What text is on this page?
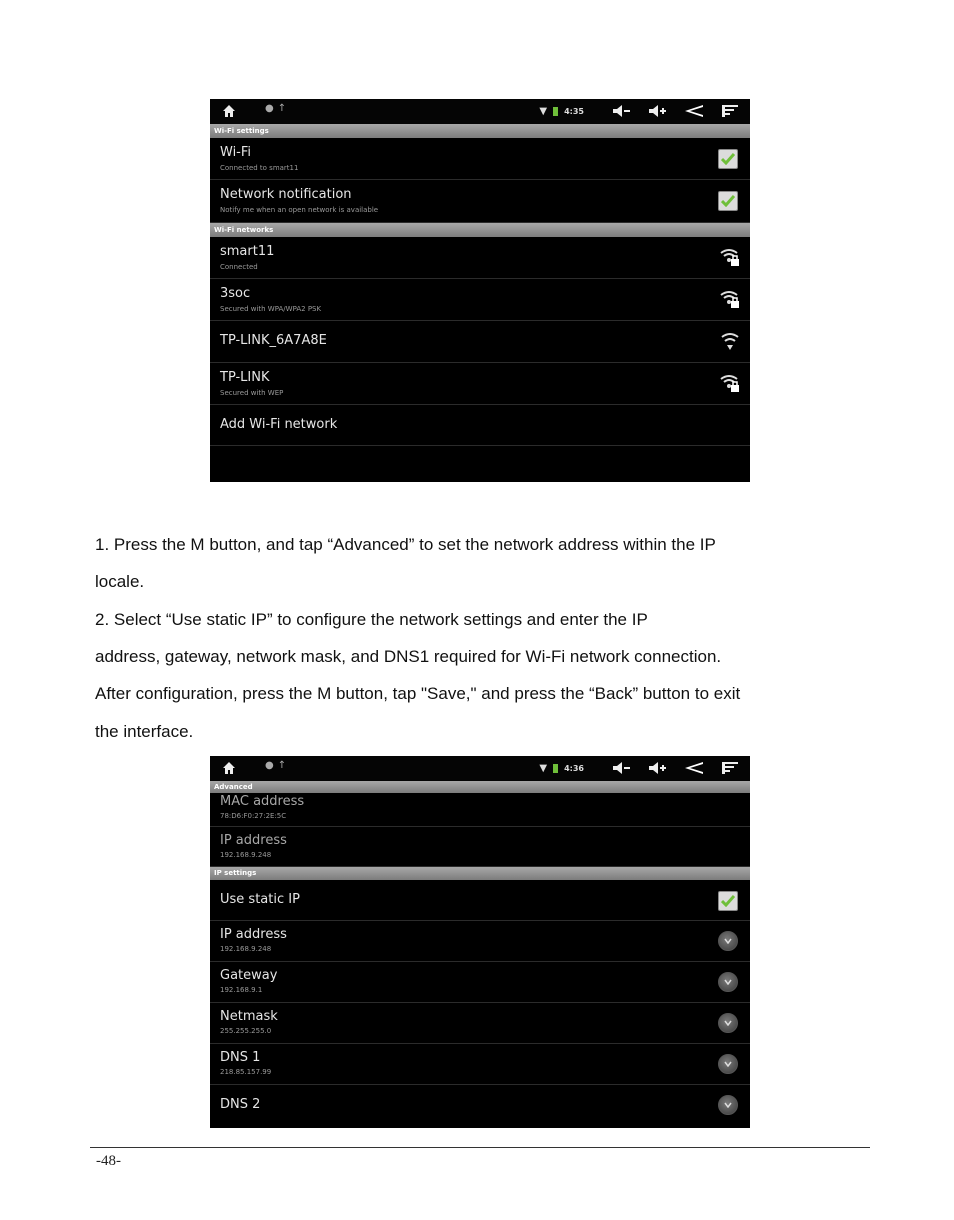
●↑	▼ 4:35
Wi-Fi settings
Wi-Fi
Connected to smart11
Network notification
Notify me when an open network is available
Wi-Fi networks
smart11
Connected
3soc
Secured with WPA/WPA2 PSK
TP-LINK_6A7A8E
TP-LINK
Secured with WEP
Add Wi-Fi network
1. Press the M button, and tap “Advanced” to set the network address within the IP
locale.
2. Select “Use static IP” to configure the network settings and enter the IP
address, gateway, network mask, and DNS1 required for Wi-Fi network connection.
After configuration, press the M button, tap "Save," and press the “Back” button to exit
the interface.
●↑	▼ 4:36
Advanced
MAC address
78:D6:F0:27:2E:5C
IP address
192.168.9.248
IP settings
Use static IP
IP address
192.168.9.248
Gateway
192.168.9.1
Netmask
255.255.255.0
DNS 1
218.85.157.99
DNS 2
-48-
